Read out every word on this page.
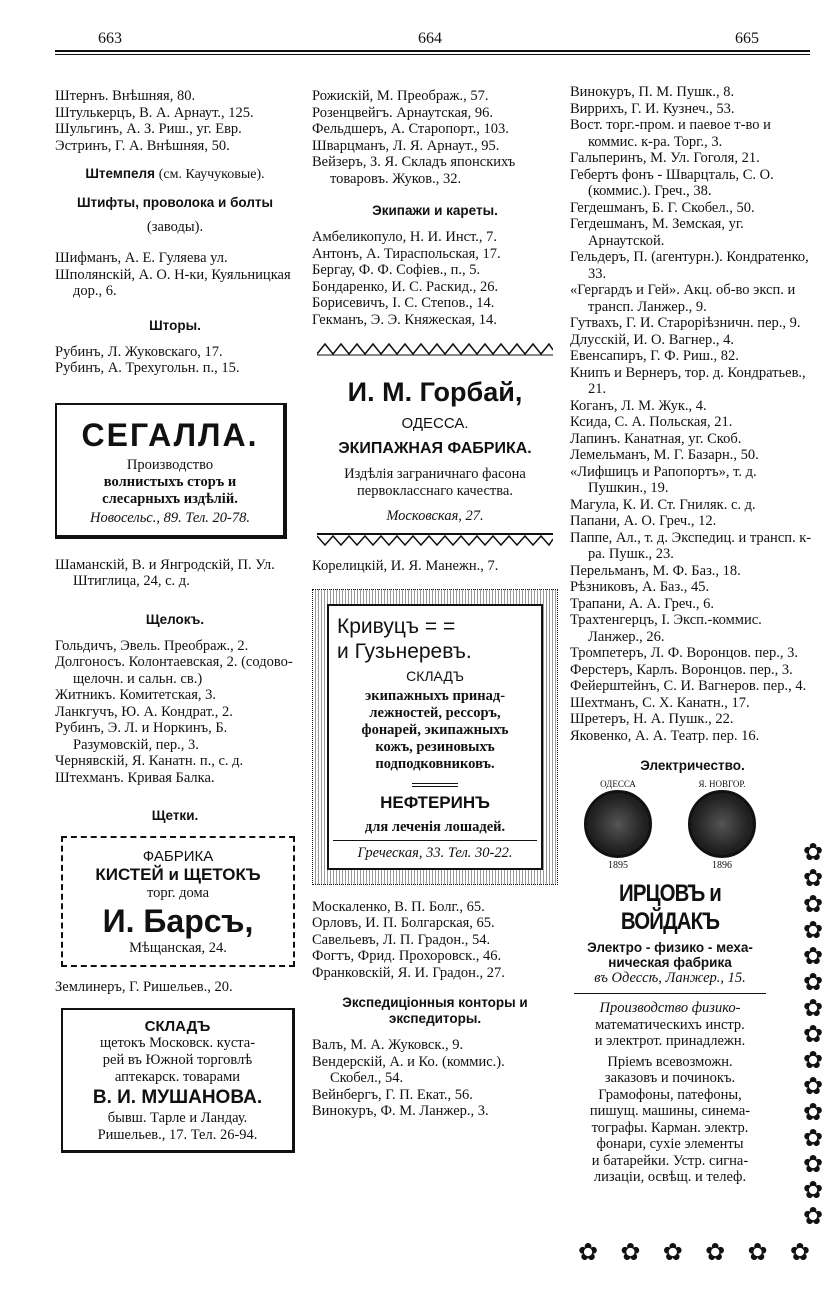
663	664	665
Штернъ. Внѣшняя, 80.
Штулькерцъ, В. А. Арнаут., 125.
Шульгинъ, А. З. Риш., уг. Евр.
Эстринъ, Г. А. Внѣшняя, 50.
Штемпеля (см. Каучуковые).
Штифты, проволока и болты
(заводы).
Шифманъ, А. Е. Гуляева ул.
Шполянскій, А. О. Н-ки, Куяльницкая дор., 6.
Шторы.
Рубинъ, Л. Жуковскаго, 17.
Рубинъ, А. Трехугольн. п., 15.
СЕГАЛЛА.
Производство
волнистыхъ сторъ и
слесарныхъ издѣлій.
Новосельс., 89. Тел. 20-78.
Шаманскій, В. и Янгродскій, П. Ул. Штиглица, 24, с. д.
Щелокъ.
Гольдичъ, Эвель. Преображ., 2.
Долгоносъ. Колонтаевская, 2. (содово-щелочн. и сальн. св.)
Житникъ. Комитетская, 3.
Ланкгучъ, Ю. А. Кондрат., 2.
Рубинъ, Э. Л. и Норкинъ, Б. Разумовскій, пер., 3.
Чернявскій, Я. Канатн. п., с. д.
Штехманъ. Кривая Балка.
Щетки.
ФАБРИКА
КИСТЕЙ и ЩЕТОКЪ
торг. дома
И. Барсъ,
Мѣщанская, 24.
Землинеръ, Г. Ришельев., 20.
СКЛАДЪ
щетокъ Московск. куста-
рей въ Южной торговлѣ
аптекарск. товарами
В. И. МУШАНОВА.
бывш. Тарле и Ландау.
Ришельев., 17. Тел. 26-94.
Рожискій, М. Преображ., 57.
Розенцвейгъ. Арнаутская, 96.
Фельдшеръ, А. Старопорт., 103.
Шварцманъ, Л. Я. Арнаут., 95.
Вейзеръ, З. Я. Складъ японскихъ товаровъ. Жуков., 32.
Экипажи и кареты.
Амбеликопуло, Н. И. Инст., 7.
Антонъ, А. Тираспольская, 17.
Бергау, Ф. Ф. Софіев., п., 5.
Бондаренко, И. С. Раскид., 26.
Борисевичъ, І. С. Степов., 14.
Гекманъ, Э. Э. Княжеская, 14.
И. М. Горбай,
ОДЕССА.
ЭКИПАЖНАЯ ФАБРИКА.
Издѣлія заграничнаго фасона
первокласснаго качества.
Московская, 27.
Корелицкій, И. Я. Манежн., 7.
Кривуцъ = =
и Гузьнеревъ.
СКЛАДЪ
экипажныхъ принад-
лежностей, рессоръ,
фонарей, экипажныхъ
кожъ, резиновыхъ
подподковниковъ.
НЕФТЕРИНЪ
для леченія лошадей.
Греческая, 33. Тел. 30-22.
Москаленко, В. П. Болг., 65.
Орловъ, И. П. Болгарская, 65.
Савельевъ, Л. П. Градон., 54.
Фогтъ, Фрид. Прохоровск., 46.
Франковскій, Я. И. Градон., 27.
Экспедиціонныя конторы и экспедиторы.
Валъ, М. А. Жуковск., 9.
Вендерскій, А. и Ко. (коммис.). Скобел., 54.
Вейнбергъ, Г. П. Екат., 56.
Винокуръ, Ф. М. Ланжер., 3.
Винокуръ, П. М. Пушк., 8.
Виррихъ, Г. И. Кузнеч., 53.
Вост. торг.-пром. и паевое т-во и коммис. к-ра. Торг., 3.
Гальперинъ, М. Ул. Гоголя, 21.
Гебертъ фонъ - Шварцталь, С. О. (коммис.). Греч., 38.
Гегдешманъ, Б. Г. Скобел., 50.
Гегдешманъ, М. Земская, уг. Арнаутской.
Гельдеръ, П. (агентурн.). Кондратенко, 33.
«Гергардъ и Гей». Акц. об-во эксп. и трансп. Ланжер., 9.
Гутвахъ, Г. И. Староріѣзничн. пер., 9.
Длусскій, И. О. Вагнер., 4.
Евенсапиръ, Г. Ф. Риш., 82.
Книпъ и Вернеръ, тор. д. Кондратьев., 21.
Коганъ, Л. М. Жук., 4.
Ксида, С. А. Польская, 21.
Лапинъ. Канатная, уг. Скоб.
Лемельманъ, М. Г. Базарн., 50.
«Лифшицъ и Рапопортъ», т. д. Пушкин., 19.
Магула, К. И. Ст. Гниляк. с. д.
Папани, А. О. Греч., 12.
Паппе, Ал., т. д. Экспедиц. и трансп. к-ра. Пушк., 23.
Перельманъ, М. Ф. Баз., 18.
Рѣзниковъ, А. Баз., 45.
Трапани, А. А. Греч., 6.
Трахтенгерцъ, І. Эксп.-коммис. Ланжер., 26.
Тромпетеръ, Л. Ф. Воронцов. пер., 3.
Ферстеръ, Карлъ. Воронцов. пер., 3.
Фейерштейнъ, С. И. Вагнеров. пер., 4.
Шехтманъ, С. Х. Канатн., 17.
Шретеръ, Н. А. Пушк., 22.
Яковенко, А. А. Театр. пер. 16.
Электричество.
ОДЕССА
1895
Я. НОВГОР.
1896
ИРЦОВЪ и ВОЙДАКЪ
Электро - физико - меха-
ническая фабрика
въ Одессѣ, Ланжер., 15.
Производство физико-
математическихъ инстр.
и электрот. принадлежн.
Пріемъ всевозможн.
заказовъ и починокъ.
Грамофоны, патефоны,
пишущ. машины, синема-
тографы. Карман. электр.
фонари, сухіе элементы
и батарейки. Устр. сигна-
лизаціи, освѣщ. и телеф.
✿ ✿ ✿ ✿ ✿ ✿ ✿ ✿ ✿ ✿ ✿ ✿ ✿ ✿ ✿
✿ ✿ ✿ ✿ ✿ ✿
